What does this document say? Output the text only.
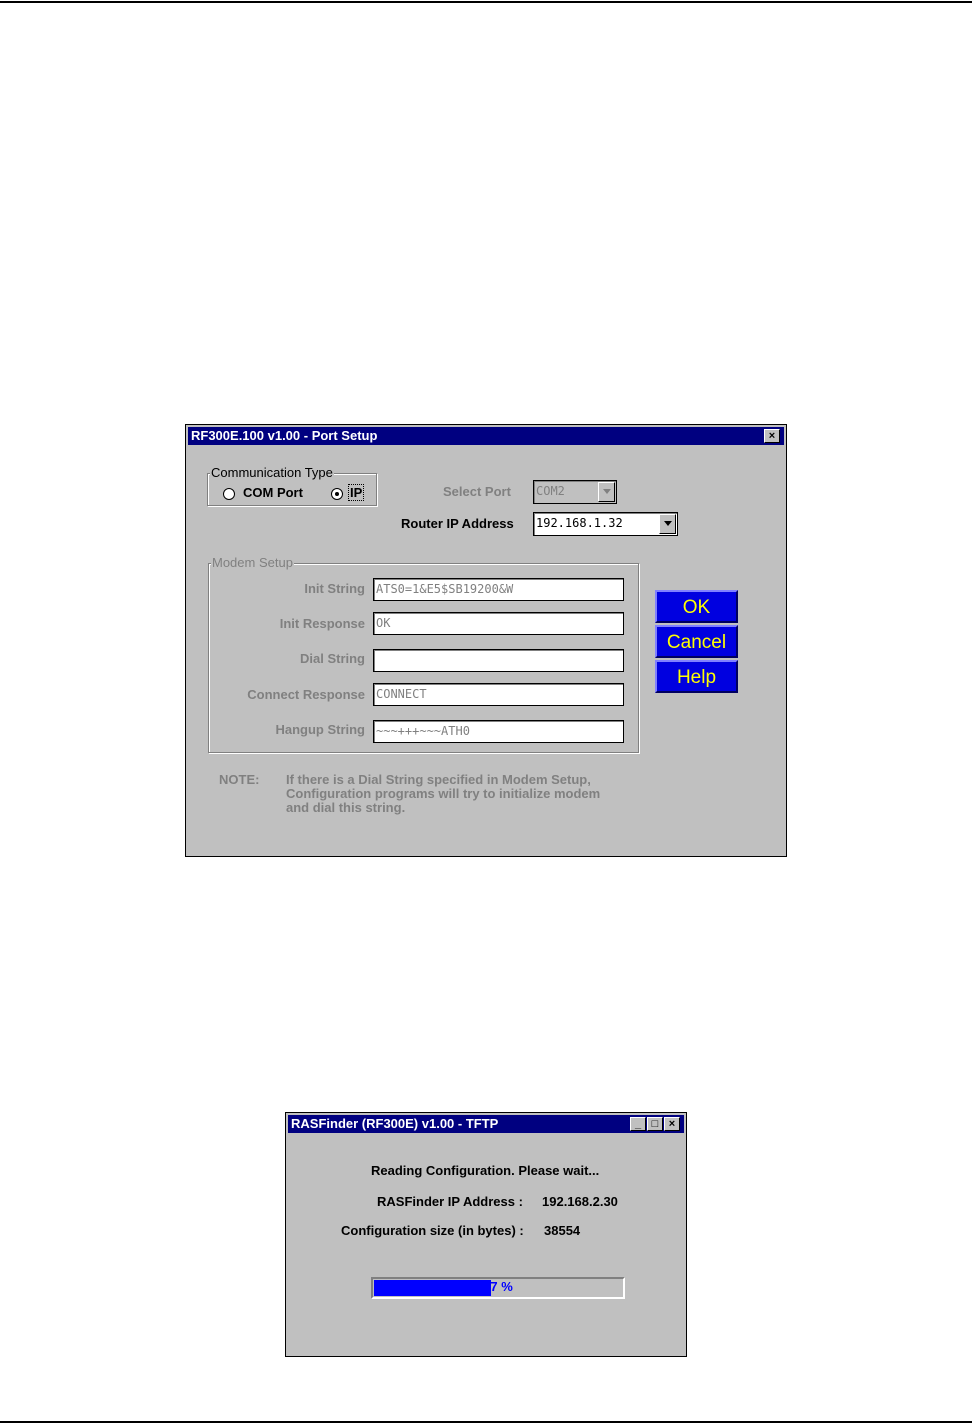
RF300E.100 v1.00 - Port Setup	×
Communication Type
COM Port	IP	Select Port COM2
Router IP Address 192.168.1.32
Modem Setup
Init String ATS0=1&E5$SB19200&W
Init Response OK
Dial String
Connect Response CONNECT
Hangup String ~~~+++~~~ATH0
OK
Cancel
Help
NOTE: If there is a Dial String specified in Modem Setup,
Configuration programs will try to initialize modem
and dial this string.
RASFinder (RF300E) v1.00 - TFTP	_ □ ×
Reading Configuration. Please wait...
RASFinder IP Address : 192.168.2.30
Configuration size (in bytes) : 38554
47 %
